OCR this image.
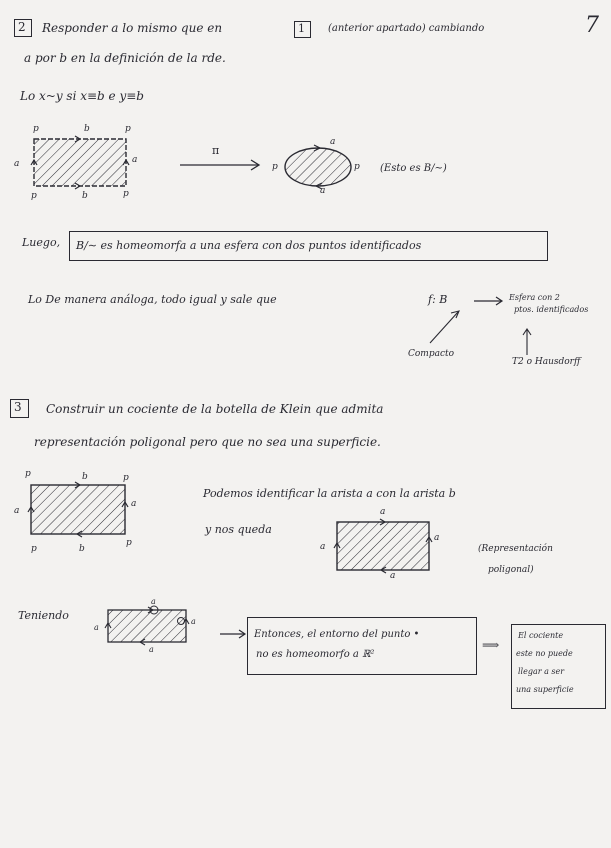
2 Responder a lo mismo que en	1 (anterior apartado) cambiando	7
a por b en la definición de la rde.
Lo x~y si x≡b e y≡b
p	p
p	p
b
b
a	a
π
p	p
a
a
(Esto es B/∼)
Luego, B/∼ es homeomorfa a una esfera con dos puntos identificados
Lo De manera análoga, todo igual y sale que	f: B	Esfera con 2
ptos. identificados
Compacto
T2 o Hausdorff
3 Construir un cociente de la botella de Klein que admita
representación poligonal pero que no sea una superficie.
p	p
p
p
b
b
a
a
Podemos identificar la arista a con la arista b
y nos queda
a
a
a
a
(Representación
poligonal)
Teniendo
a
a
a
a
Entonces, el entorno del punto •
no es homeomorfo a ℝ²
⟹
El cociente
este no puede
llegar a ser
una superficie
